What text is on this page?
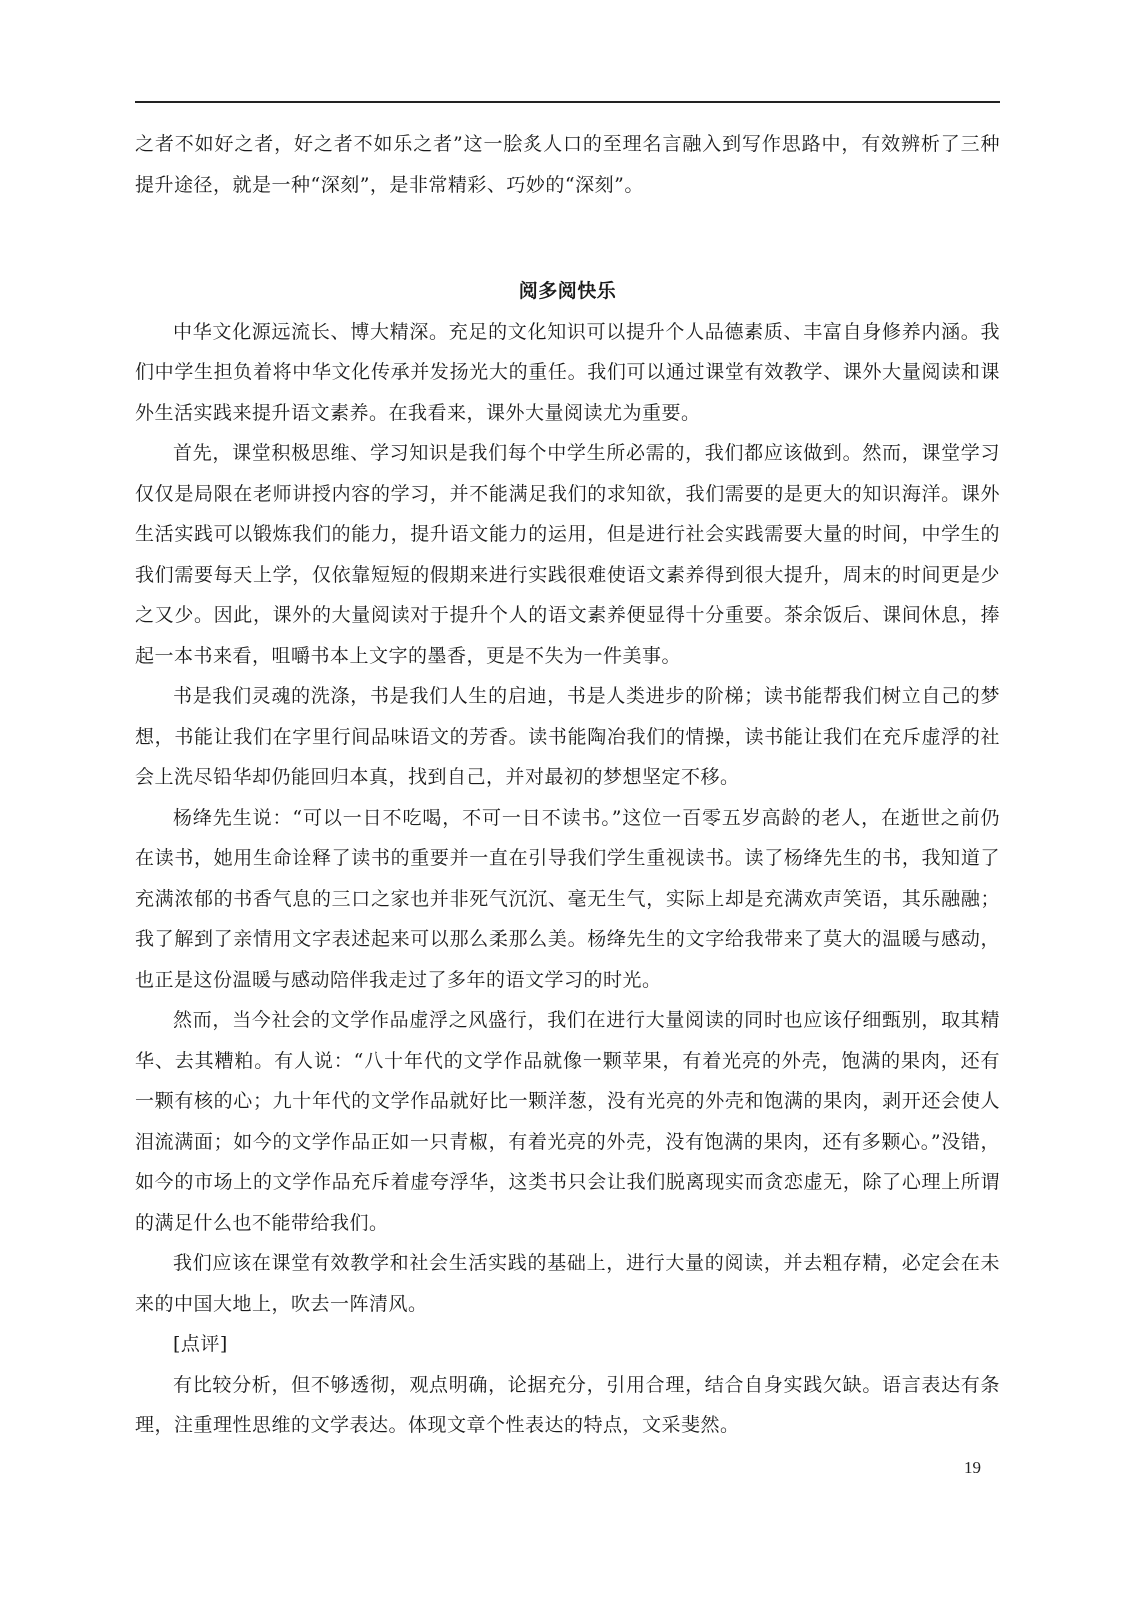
之者不如好之者，好之者不如乐之者”这一脍炙人口的至理名言融入到写作思路中，有效辨析了三种提升途径，就是一种“深刻”，是非常精彩、巧妙的“深刻”。

阅多阅快乐

中华文化源远流长、博大精深。充足的文化知识可以提升个人品德素质、丰富自身修养内涵。我们中学生担负着将中华文化传承并发扬光大的重任。我们可以通过课堂有效教学、课外大量阅读和课外生活实践来提升语文素养。在我看来，课外大量阅读尤为重要。

首先，课堂积极思维、学习知识是我们每个中学生所必需的，我们都应该做到。然而，课堂学习仅仅是局限在老师讲授内容的学习，并不能满足我们的求知欲，我们需要的是更大的知识海洋。课外生活实践可以锻炼我们的能力，提升语文能力的运用，但是进行社会实践需要大量的时间，中学生的我们需要每天上学，仅依靠短短的假期来进行实践很难使语文素养得到很大提升，周末的时间更是少之又少。因此，课外的大量阅读对于提升个人的语文素养便显得十分重要。茶余饭后、课间休息，捧起一本书来看，咀嚼书本上文字的墨香，更是不失为一件美事。

书是我们灵魂的洗涤，书是我们人生的启迪，书是人类进步的阶梯；读书能帮我们树立自己的梦想，书能让我们在字里行间品味语文的芳香。读书能陶冶我们的情操，读书能让我们在充斥虚浮的社会上洗尽铅华却仍能回归本真，找到自己，并对最初的梦想坚定不移。

杨绛先生说：“可以一日不吃喝，不可一日不读书。”这位一百零五岁高龄的老人，在逝世之前仍在读书，她用生命诠释了读书的重要并一直在引导我们学生重视读书。读了杨绛先生的书，我知道了充满浓郁的书香气息的三口之家也并非死气沉沉、毫无生气，实际上却是充满欢声笑语，其乐融融；我了解到了亲情用文字表述起来可以那么柔那么美。杨绛先生的文字给我带来了莫大的温暖与感动，也正是这份温暖与感动陪伴我走过了多年的语文学习的时光。

然而，当今社会的文学作品虚浮之风盛行，我们在进行大量阅读的同时也应该仔细甄别，取其精华、去其糟粕。有人说：“八十年代的文学作品就像一颗苹果，有着光亮的外壳，饱满的果肉，还有一颗有核的心；九十年代的文学作品就好比一颗洋葱，没有光亮的外壳和饱满的果肉，剥开还会使人泪流满面；如今的文学作品正如一只青椒，有着光亮的外壳，没有饱满的果肉，还有多颗心。”没错，如今的市场上的文学作品充斥着虚夸浮华，这类书只会让我们脱离现实而贪恋虚无，除了心理上所谓的满足什么也不能带给我们。

我们应该在课堂有效教学和社会生活实践的基础上，进行大量的阅读，并去粗存精，必定会在未来的中国大地上，吹去一阵清风。

[点评]

有比较分析，但不够透彻，观点明确，论据充分，引用合理，结合自身实践欠缺。语言表达有条理，注重理性思维的文学表达。体现文章个性表达的特点，文采斐然。

19
